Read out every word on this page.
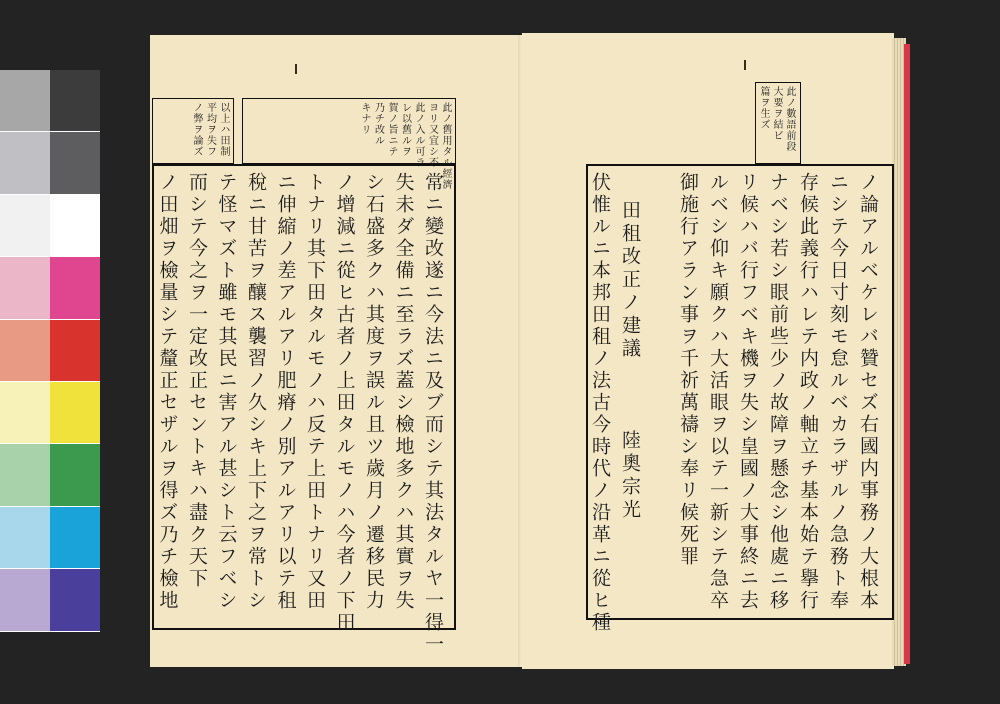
以上ハ田制
平均ヲ失フ
ノ弊ヲ論ズ	此ノ舊用タル經濟
ヨリ又宜シ不
此ノ入ル可ラ
レ以舊ルヲ
賀ノ旨ニテ
乃チ改ル
キナリ
常ニ變改遂ニ今法ニ及ブ而シテ其法タルヤ一得一
失未ダ全備ニ至ラズ蓋シ檢地多クハ其實ヲ失
シ石盛多クハ其度ヲ誤ル且ツ歲月ノ遷移民力
ノ增減ニ從ヒ古者ノ上田タルモノハ今者ノ下田
トナリ其下田タルモノハ反テ上田トナリ又田
ニ伸縮ノ差アルアリ肥瘠ノ別アルアリ以テ租
稅ニ甘苦ヲ釀ス襲習ノ久シキ上下之ヲ常トシ
テ怪マズト雖モ其民ニ害アル甚シト云フベシ
而シテ今之ヲ一定改正セントキハ盡ク天下
ノ田畑ヲ檢量シテ釐正セザルヲ得ズ乃チ檢地
此ノ數語前段
大要ヲ結ビ
篇ヲ生ズ
ノ論アルベケレバ贊セズ右國内事務ノ大根本
ニシテ今日寸刻モ怠ルベカラザルノ急務ト奉
存候此義行ハレテ内政ノ軸立チ基本始テ擧行
ナベシ若シ眼前些少ノ故障ヲ懸念シ他處ニ移
リ候ハバ行フベキ機ヲ失シ皇國ノ大事終ニ去
ルベシ仰キ願クハ大活眼ヲ以テ一新シテ急卒
御施行アラン事ヲ千祈萬禱シ奉リ候死罪
田租改正ノ建議
陸奧宗光
伏惟ルニ本邦田租ノ法古今時代ノ沿革ニ從ヒ種
